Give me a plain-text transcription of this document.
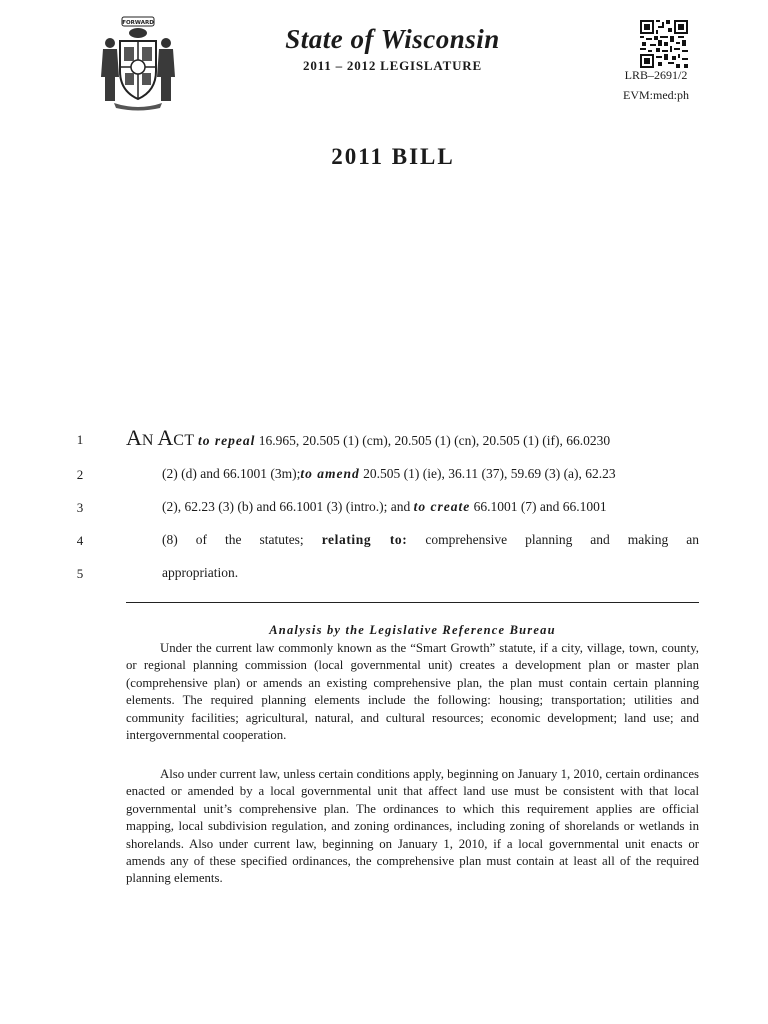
FORWARD
State of Wisconsin
2011 – 2012 LEGISLATURE
LRB–2691/2
EVM:med:ph
2011 BILL
1
2
3
4
5
AN ACT to repeal 16.965, 20.505 (1) (cm), 20.505 (1) (cn), 20.505 (1) (if), 66.0230
(2) (d) and 66.1001 (3m);to amend 20.505 (1) (ie), 36.11 (37), 59.69 (3) (a), 62.23
(2), 62.23 (3) (b) and 66.1001 (3) (intro.); and to create 66.1001 (7) and 66.1001
(8) of the statutes; relating to: comprehensive planning and making an
appropriation.
Analysis by the Legislative Reference Bureau

Under the current law commonly known as the “Smart Growth” statute, if a city, village, town, county, or regional planning commission (local governmental unit) creates a development plan or master plan (comprehensive plan) or amends an existing comprehensive plan, the plan must contain certain planning elements. The required planning elements include the following: housing; transportation; utilities and community facilities; agricultural, natural, and cultural resources; economic development; land use; and intergovernmental cooperation.

Also under current law, unless certain conditions apply, beginning on January 1, 2010, certain ordinances enacted or amended by a local governmental unit that affect land use must be consistent with that local governmental unit’s comprehensive plan. The ordinances to which this requirement applies are official mapping, local subdivision regulation, and zoning ordinances, including zoning of shorelands or wetlands in shorelands. Also under current law, beginning on January 1, 2010, if a local governmental unit enacts or amends any of these specified ordinances, the comprehensive plan must contain at least all of the required planning elements.
